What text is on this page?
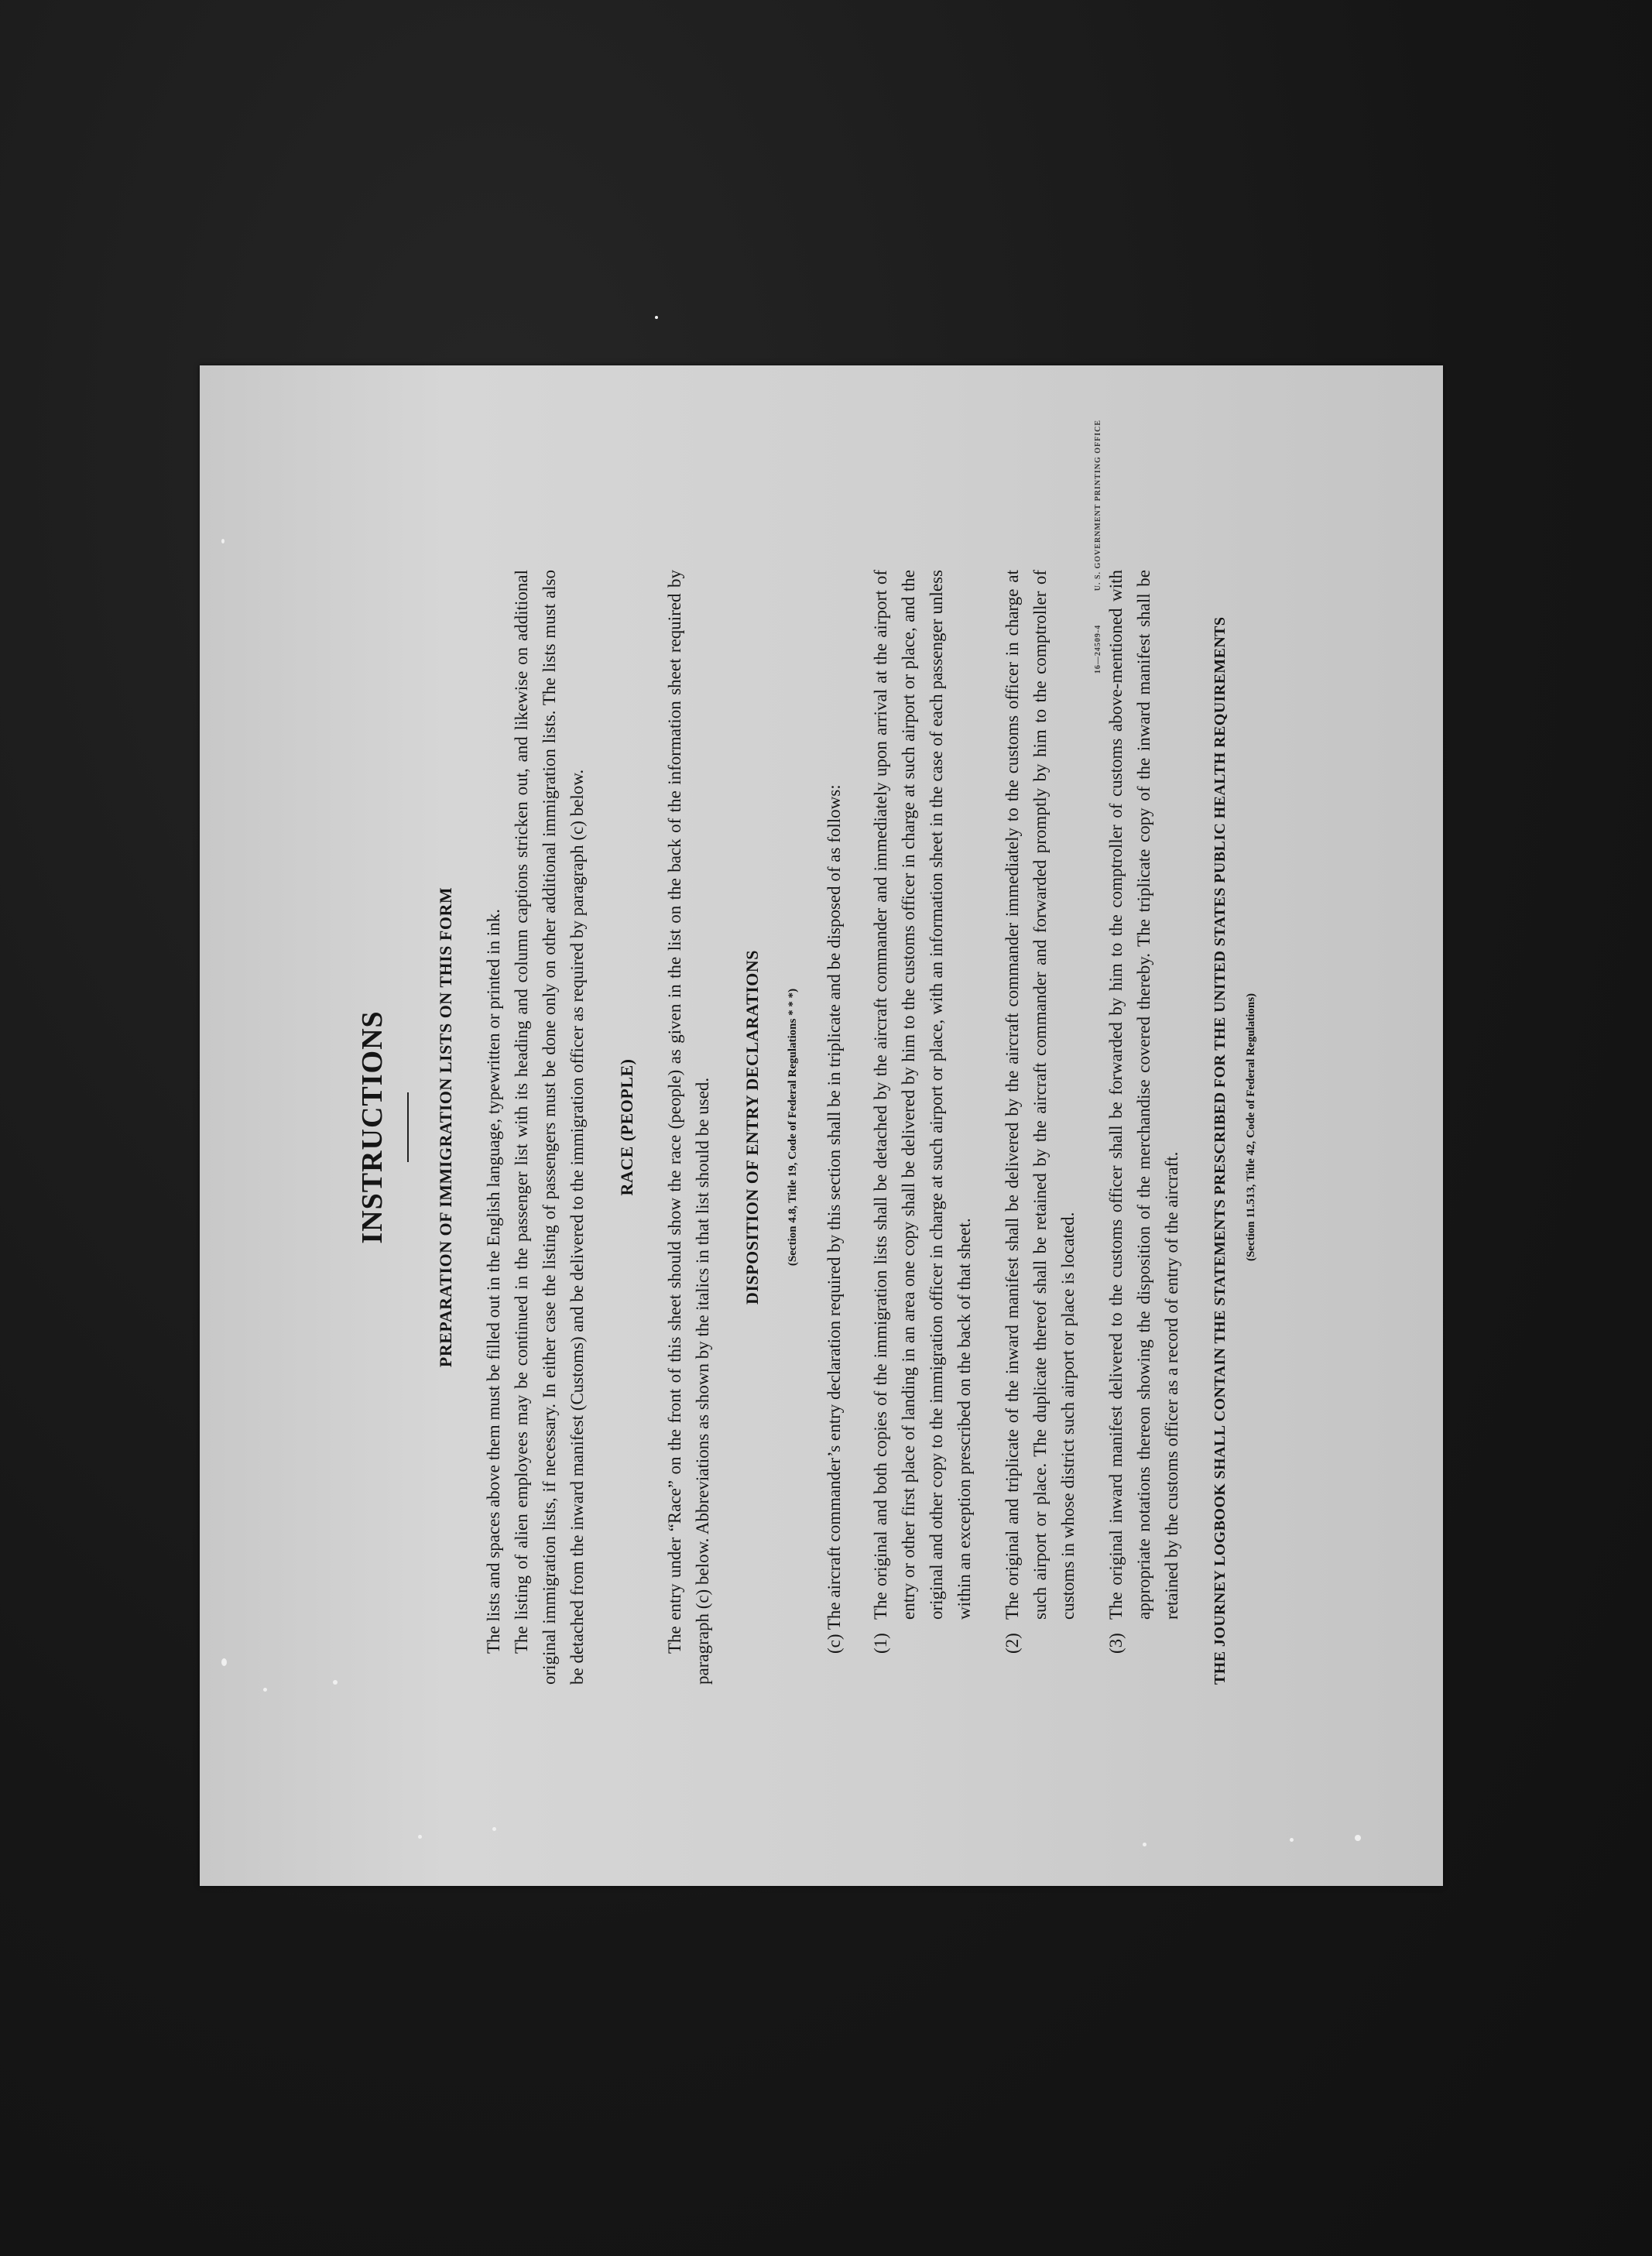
INSTRUCTIONS	PREPARATION OF IMMIGRATION LISTS ON THIS FORM The lists and spaces above them must be filled out in the English language, typewritten or printed in ink. The listing of alien employees may be continued in the passenger list with its heading and column captions stricken out, and likewise on additional original immigration lists, if necessary. In either case the listing of passengers must be done only on other additional immigration lists. The lists must also be detached from the inward manifest (Customs) and be delivered to the immigration officer as required by paragraph (c) below. RACE (PEOPLE) The entry under “Race” on the front of this sheet should show the race (people) as given in the list on the back of the information sheet required by paragraph (c) below. Abbreviations as shown by the italics in that list should be used. DISPOSITION OF ENTRY DECLARATIONS	(Section 4.8, Title 19, Code of Federal Regulations * * *)	(c) The aircraft commander’s entry declaration required by this section shall be in triplicate and be disposed of as follows: (1)
The original and both copies of the immigration lists shall be detached by the aircraft commander and immediately upon arrival at the airport of entry or other first place of landing in an area one copy shall be delivered by him to the customs officer in charge at such airport or place, and the original and other copy to the immigration officer in charge at such airport or place, with an information sheet in the case of each passenger unless within an exception prescribed on the back of that sheet.
(2)
The original and triplicate of the inward manifest shall be delivered by the aircraft commander immediately to the customs officer in charge at such airport or place. The duplicate thereof shall be retained by the aircraft commander and forwarded promptly by him to the comptroller of customs in whose district such airport or place is located.
(3)
The original inward manifest delivered to the customs officer shall be forwarded by him to the comptroller of customs above-mentioned with appropriate notations thereon showing the disposition of the merchandise covered thereby. The triplicate copy of the inward manifest shall be retained by the customs officer as a record of entry of the aircraft.	THE JOURNEY LOGBOOK SHALL CONTAIN THE STATEMENTS PRESCRIBED FOR THE UNITED STATES PUBLIC HEALTH REQUIREMENTS	(Section 11.513, Title 42, Code of Federal Regulations)
16—24509-4 U. S. GOVERNMENT PRINTING OFFICE
